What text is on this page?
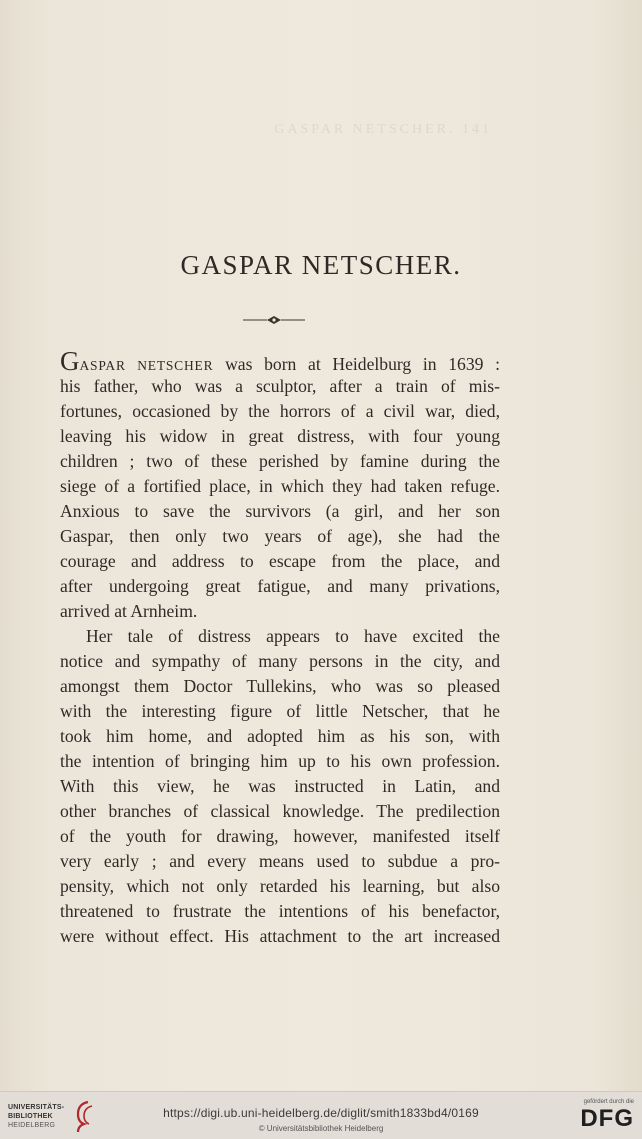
GASPAR NETSCHER. 141
GASPAR NETSCHER.
GASPAR NETSCHER was born at Heidelburg in 1639 :
his father, who was a sculptor, after a train of mis-
fortunes, occasioned by the horrors of a civil war, died,
leaving his widow in great distress, with four young
children ; two of these perished by famine during the
siege of a fortified place, in which they had taken refuge.
Anxious to save the survivors (a girl, and her son
Gaspar, then only two years of age), she had the
courage and address to escape from the place, and
after undergoing great fatigue, and many privations,
arrived at Arnheim.
Her tale of distress appears to have excited the
notice and sympathy of many persons in the city, and
amongst them Doctor Tullekins, who was so pleased
with the interesting figure of little Netscher, that he
took him home, and adopted him as his son, with
the intention of bringing him up to his own profession.
With this view, he was instructed in Latin, and
other branches of classical knowledge. The predilection
of the youth for drawing, however, manifested itself
very early ; and every means used to subdue a pro-
pensity, which not only retarded his learning, but also
threatened to frustrate the intentions of his benefactor,
were without effect. His attachment to the art increased
UNIVERSITÄTS-
BIBLIOTHEK
HEIDELBERG
https://digi.ub.uni-heidelberg.de/diglit/smith1833bd4/0169
© Universitätsbibliothek Heidelberg
gefördert durch die
DFG
